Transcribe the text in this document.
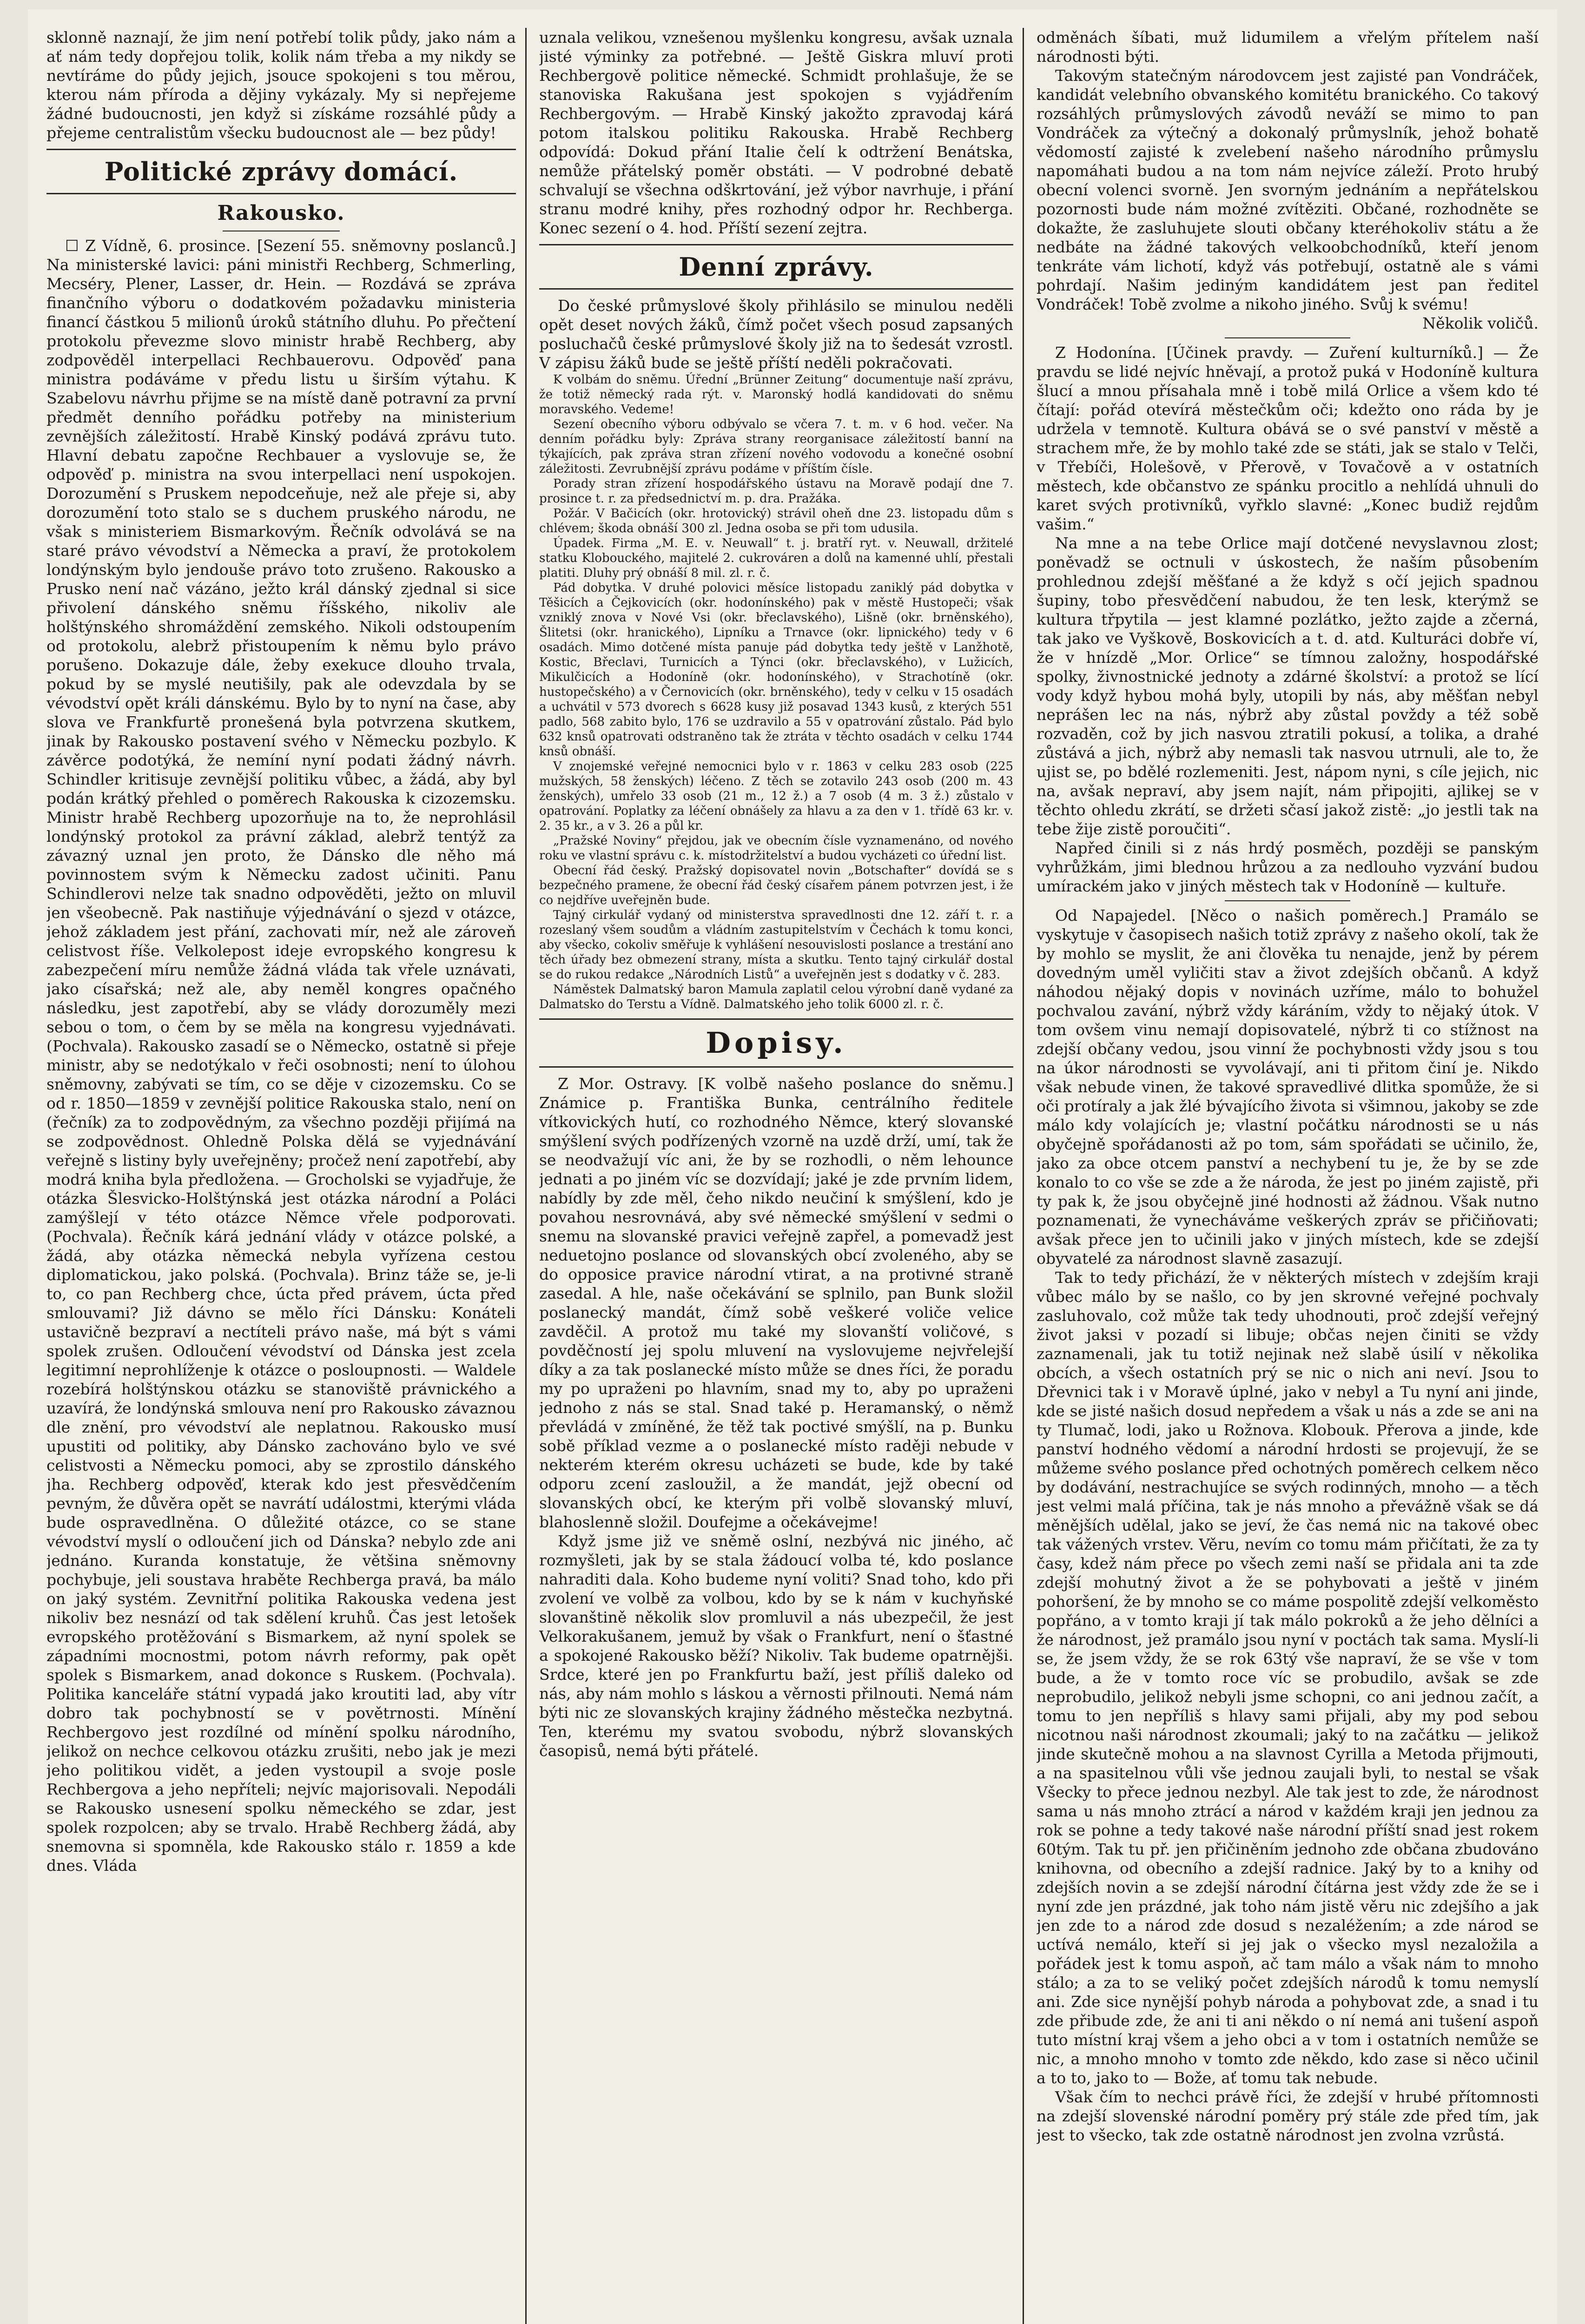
sklonně naznají, že jim není potřebí tolik půdy, jako nám a ať nám tedy dopřejou tolik, kolik nám třeba a my nikdy se nevtíráme do půdy jejich, jsouce spokojeni s tou měrou, kterou nám příroda a dějiny vykázaly. My si nepřejeme žádné budoucnosti, jen když si získáme rozsáhlé půdy a přejeme centralistům všecku budoucnost ale — bez půdy!

Politické zprávy domácí.
Rakousko.

☐ Z Vídně, 6. prosince. [Sezení 55. sněmovny poslanců.] Na ministerské lavici: páni ministři Rechberg, Schmerling, Mecséry, Plener, Lasser, dr. Hein. — Rozdává se zpráva finančního výboru o dodatkovém požadavku ministeria financí částkou 5 milionů úroků státního dluhu. Po přečtení protokolu převezme slovo ministr hrabě Rechberg, aby zodpověděl interpellaci Rechbauerovu. Odpověď pana ministra podáváme v předu listu u širším výtahu. K Szabelovu návrhu přijme se na místě daně potravní za první předmět denního pořádku potřeby na ministerium zevnějších záležitostí. Hrabě Kinský podává zprávu tuto. Hlavní debatu započne Rechbauer a vyslovuje se, že odpověď p. ministra na svou interpellaci není uspokojen. Dorozumění s Pruskem nepodceňuje, než ale přeje si, aby dorozumění toto stalo se s duchem pruského národu, ne však s ministeriem Bismarkovým. Řečník odvolává se na staré právo vévodství a Německa a praví, že protokolem londýnským bylo jendouše právo toto zrušeno. Rakousko a Prusko není nač vázáno, ježto král dánský zjednal si sice přivolení dánského sněmu říšského, nikoliv ale holštýnského shromáždění zemského. Nikoli odstoupením od protokolu, alebrž přistoupením k němu bylo právo porušeno. Dokazuje dále, žeby exekuce dlouho trvala, pokud by se myslé neutišily, pak ale odevzdala by se vévodství opět králi dánskému. Bylo by to nyní na čase, aby slova ve Frankfurtě pronešená byla potvrzena skutkem, jinak by Rakousko postavení svého v Německu pozbylo. K závěrce podotýká, že nemíní nyní podati žádný návrh. Schindler kritisuje zevnější politiku vůbec, a žádá, aby byl podán krátký přehled o poměrech Rakouska k cizozemsku. Ministr hrabě Rechberg upozorňuje na to, že neprohlásil londýnský protokol za právní základ, alebrž tentýž za závazný uznal jen proto, že Dánsko dle něho má povinnostem svým k Německu zadost učiniti. Panu Schindlerovi nelze tak snadno odpověděti, ježto on mluvil jen všeobecně. Pak nastiňuje výjednávání o sjezd v otázce, jehož základem jest přání, zachovati mír, než ale zároveň celistvost říše. Velkolepost ideje evropského kongresu k zabezpečení míru nemůže žádná vláda tak vřele uznávati, jako císařská; než ale, aby neměl kongres opačného následku, jest zapotřebí, aby se vlády dorozuměly mezi sebou o tom, o čem by se měla na kongresu vyjednávati. (Pochvala). Rakousko zasadí se o Německo, ostatně si přeje ministr, aby se nedotýkalo v řeči osobnosti; není to úlohou sněmovny, zabývati se tím, co se děje v cizozemsku. Co se od r. 1850—1859 v zevnější politice Rakouska stalo, není on (řečník) za to zodpovědným, za všechno později přijímá na se zodpovědnost. Ohledně Polska dělá se vyjednávání veřejně s listiny byly uveřejněny; pročež není zapotřebí, aby modrá kniha byla předložena. — Grocholski se vyjadřuje, že otázka Šlesvicko-Holštýnská jest otázka národní a Poláci zamýšlejí v této otázce Němce vřele podporovati. (Pochvala). Řečník kárá jednání vlády v otázce polské, a žádá, aby otázka německá nebyla vyřízena cestou diplomatickou, jako polská. (Pochvala). Brinz táže se, je-li to, co pan Rechberg chce, úcta před právem, úcta před smlouvami? Již dávno se mělo říci Dánsku: Konáteli ustavičně bezpraví a nectíteli právo naše, má být s vámi spolek zrušen. Odloučení vévodství od Dánska jest zcela legitimní neprohlíženje k otázce o posloupnosti. — Waldele rozebírá holštýnskou otázku se stanoviště právnického a uzavírá, že londýnská smlouva není pro Rakousko závaznou dle znění, pro vévodství ale neplatnou. Rakousko musí upustiti od politiky, aby Dánsko zachováno bylo ve své celistvosti a Německu pomoci, aby se zprostilo dánského jha. Rechberg odpověď, kterak kdo jest přesvědčením pevným, že důvěra opět se navrátí událostmi, kterými vláda bude ospravedlněna. O důležité otázce, co se stane vévodství myslí o odloučení jich od Dánska? nebylo zde ani jednáno. Kuranda konstatuje, že většina sněmovny pochybuje, jeli soustava hraběte Rechberga pravá, ba málo on jaký systém. Zevnitřní politika Rakouska vedena jest nikoliv bez nesnází od tak sdělení kruhů. Čas jest letošek evropského protěžování s Bismarkem, až nyní spolek se západními mocnostmi, potom návrh reformy, pak opět spolek s Bismarkem, anad dokonce s Ruskem. (Pochvala). Politika kanceláře státní vypadá jako kroutiti lad, aby vítr dobro tak pochybností se v povětrnosti. Mínění Rechbergovo jest rozdílné od mínění spolku národního, jelikož on nechce celkovou otázku zrušiti, nebo jak je mezi jeho politikou vidět, a jeden vystoupil a svoje posle Rechbergova a jeho nepříteli; nejvíc majorisovali. Nepodáli se Rakousko usnesení spolku německého se zdar, jest spolek rozpolcen; aby se trvalo. Hrabě Rechberg žádá, aby snemovna si spomněla, kde Rakousko stálo r. 1859 a kde dnes. Vláda

uznala velikou, vznešenou myšlenku kongresu, avšak uznala jisté výminky za potřebné. — Ještě Giskra mluví proti Rechbergově politice německé. Schmidt prohlašuje, že se stanoviska Rakušana jest spokojen s vyjádřením Rechbergovým. — Hrabě Kinský jakožto zpravodaj kárá potom italskou politiku Rakouska. Hrabě Rechberg odpovídá: Dokud přání Italie čelí k odtržení Benátska, nemůže přátelský poměr obstáti. — V podrobné debatě schvalují se všechna odškrtování, jež výbor navrhuje, i přání stranu modré knihy, přes rozhodný odpor hr. Rechberga. Konec sezení o 4. hod. Příští sezení zejtra.

Denní zprávy.

Do české průmyslové školy přihlásilo se minulou neděli opět deset nových žáků, čímž počet všech posud zapsaných posluchačů české průmyslové školy již na to šedesát vzrostl. V zápisu žáků bude se ještě příští neděli pokračovati.

K volbám do sněmu. Úřední „Brünner Zeitung“ documentuje naší zprávu, že totiž německý rada rýt. v. Maronský hodlá kandidovati do sněmu moravského. Vedeme!

Sezení obecního výboru odbývalo se včera 7. t. m. v 6 hod. večer. Na denním pořádku byly: Zpráva strany reorganisace záležitostí banní na týkajících, pak zpráva stran zřízení nového vodovodu a konečné osobní záležitosti. Zevrubnější zprávu podáme v příštím čísle.

Porady stran zřízení hospodářského ústavu na Moravě podají dne 7. prosince t. r. za předsednictví m. p. dra. Pražáka.

Požár. V Bačicích (okr. hrotovický) strávil oheň dne 23. listopadu dům s chlévem; škoda obnáší 300 zl. Jedna osoba se při tom udusila.

Úpadek. Firma „M. E. v. Neuwall“ t. j. bratří ryt. v. Neuwall, držitelé statku Klobouckého, majitelé 2. cukrováren a dolů na kamenné uhlí, přestali platiti. Dluhy prý obnáší 8 mil. zl. r. č.

Pád dobytka. V druhé polovici měsíce listopadu zaniklý pád dobytka v Těšicích a Čejkovicích (okr. hodonínského) pak v městě Hustopeči; však vzniklý znova v Nové Vsi (okr. břeclavského), Lišně (okr. brněnského), Šlitetsi (okr. hranického), Lipníku a Trnavce (okr. lipnického) tedy v 6 osadách. Mimo dotčené místa panuje pád dobytka tedy ještě v Lanžhotě, Kostic, Břeclavi, Turnicích a Týnci (okr. břeclavského), v Lužicích, Mikulčicích a Hodoníně (okr. hodonínského), v Strachotíně (okr. hustopečského) a v Černovicích (okr. brněnského), tedy v celku v 15 osadách a uchvátil v 573 dvorech s 6628 kusy již posavad 1343 kusů, z kterých 551 padlo, 568 zabito bylo, 176 se uzdravilo a 55 v opatrování zůstalo. Pád bylo 632 knsů opatrovati odstraněno tak že ztráta v těchto osadách v celku 1744 knsů obnáší.

V znojemské veřejné nemocnici bylo v r. 1863 v celku 283 osob (225 mužských, 58 ženských) léčeno. Z těch se zotavilo 243 osob (200 m. 43 ženských), umřelo 33 osob (21 m., 12 ž.) a 7 osob (4 m. 3 ž.) zůstalo v opatrování. Poplatky za léčení obnášely za hlavu a za den v 1. třídě 63 kr. v. 2. 35 kr., a v 3. 26 a půl kr.

„Pražské Noviny“ přejdou, jak ve obecním čísle vyznamenáno, od nového roku ve vlastní správu c. k. místodržitelství a budou vycházeti co úřední list.

Obecní řád český. Pražský dopisovatel novin „Botschafter“ dovídá se s bezpečného pramene, že obecní řád český císařem pánem potvrzen jest, i že co nejdříve uveřejněn bude.

Tajný cirkulář vydaný od ministerstva spravedlnosti dne 12. září t. r. a rozeslaný všem soudům a vládním zastupitelstvím v Čechách k tomu konci, aby všecko, cokoliv směřuje k vyhlášení nesouvislosti poslance a trestání ano těch úřady bez obmezení strany, místa a skutku. Tento tajný cirkulář dostal se do rukou redakce „Národních Listů“ a uveřejněn jest s dodatky v č. 283.

Náměstek Dalmatský baron Mamula zaplatil celou výrobní daně vydané za Dalmatsko do Terstu a Vídně. Dalmatského jeho tolik 6000 zl. r. č.

Dopisy.

Z Mor. Ostravy. [K volbě našeho poslance do sněmu.] Známice p. Františka Bunka, centrálního ředitele vítkovických hutí, co rozhodného Němce, který slovanské smýšlení svých podřízených vzorně na uzdě drží, umí, tak že se neodvažují víc ani, že by se rozhodli, o něm lehounce jednati a po jiném víc se dozvídají; jaké je zde prvním lidem, nabídly by zde měl, čeho nikdo neučiní k smýšlení, kdo je povahou nesrovnává, aby své německé smýšlení v sedmi o snemu na slovanské pravici veřejně zapřel, a pomevadž jest neduetojno poslance od slovanských obcí zvoleného, aby se do opposice pravice národní vtirat, a na protivné straně zasedal. A hle, naše očekávání se splnilo, pan Bunk složil poslanecký mandát, čímž sobě veškeré voliče velice zavděčil. A protož mu také my slovanští voličové, s povděčností jej spolu mluvení na vyslovujeme nejvřelejší díky a za tak poslanecké místo může se dnes říci, že poradu my po upraženi po hlavním, snad my to, aby po upraženi jednoho z nás se stal. Snad také p. Heramanský, o němž převládá v zmíněné, že těž tak poctivé smýšlí, na p. Bunku sobě příklad vezme a o poslanecké místo raději nebude v nekterém kterém okresu ucházeti se bude, kde by také odporu zcení zasloužil, a že mandát, jejž obecní od slovanských obcí, ke kterým při volbě slovanský mluví, blahoslenně složil. Doufejme a očekávejme!

Když jsme již ve sněmě oslní, nezbývá nic jiného, ač rozmyšleti, jak by se stala žádoucí volba té, kdo poslance nahraditi dala. Koho budeme nyní voliti? Snad toho, kdo při zvolení ve volbě za volbou, kdo by se k nám v kuchyňské slovanštině několik slov promluvil a nás ubezpečil, že jest Velkorakušanem, jemuž by však o Frankfurt, není o šťastné a spokojené Rakousko běží? Nikoliv. Tak budeme opatrnějši. Srdce, které jen po Frankfurtu baží, jest příliš daleko od nás, aby nám mohlo s láskou a věrnosti přilnouti. Nemá nám býti nic ze slovanských krajiny žádného městečka nezbytná. Ten, kterému my svatou svobodu, nýbrž slovanských časopisů, nemá býti přátelé.

odměnách šíbati, muž lidumilem a vřelým přítelem naší národnosti býti.

Takovým statečným národovcem jest zajisté pan Vondráček, kandidát velebního obvanského komitétu branického. Co takový rozsáhlých průmyslových závodů neváží se mimo to pan Vondráček za výtečný a dokonalý průmyslník, jehož bohatě vědomostí zajisté k zvelebení našeho národního průmyslu napomáhati budou a na tom nám nejvíce záleží. Proto hrubý obecní volenci svorně. Jen svorným jednáním a nepřátelskou pozornosti bude nám možné zvítěziti. Občané, rozhodněte se dokažte, že zasluhujete slouti občany kteréhokoliv státu a že nedbáte na žádné takových velkoobchodníků, kteří jenom tenkráte vám lichotí, když vás potřebují, ostatně ale s vámi pohrdají. Našim jediným kandidátem jest pan ředitel Vondráček! Tobě zvolme a nikoho jiného. Svůj k svému!

Několik voličů.

Z Hodonína. [Účinek pravdy. — Zuření kulturníků.] — Že pravdu se lidé nejvíc hněvají, a protož puká v Hodoníně kultura šlucí a mnou přísahala mně i tobě milá Orlice a všem kdo té čítají: pořád otevírá městečkům oči; kdežto ono ráda by je udržela v temnotě. Kultura obává se o své panství v městě a strachem mře, že by mohlo také zde se státi, jak se stalo v Telči, v Třebíči, Holešově, v Přerově, v Tovačově a v ostatních městech, kde občanstvo ze spánku procitlo a nehlídá uhnuli do karet svých protivníků, vyřklo slavné: „Konec budiž rejdům vašim.“

Na mne a na tebe Orlice mají dotčené nevyslavnou zlost; poněvadž se octnuli v úskostech, že naším působením prohlednou zdejší měšťané a že když s očí jejich spadnou šupiny, tobo přesvědčení nabudou, že ten lesk, kterýmž se kultura třpytila — jest klamné pozlátko, ježto zajde a zčerná, tak jako ve Vyškově, Boskovicích a t. d. atd. Kulturáci dobře ví, že v hnízdě „Mor. Orlice“ se tímnou založny, hospodářské spolky, živnostnické jednoty a zdárné školství: a protož se lící vody když hybou mohá byly, utopili by nás, aby měšťan nebyl neprášen lec na nás, nýbrž aby zůstal povždy a též sobě rozvaděn, což by jich nasvou ztratili pokusí, a tolika, a drahé zůstává a jich, nýbrž aby nemasli tak nasvou utrnuli, ale to, že ujist se, po bdělé rozlemeniti. Jest, nápom nyni, s cíle jejich, nic na, avšak nepraví, aby jsem najít, nám připojiti, ajlikej se v těchto ohledu zkrátí, se držeti sčasí jakož zistě: „jo jestli tak na tebe žije zistě poroučiti“.

Napřed činili si z nás hrdý posměch, později se panským vyhrůžkám, jimi blednou hrůzou a za nedlouho vyzvání budou umírackém jako v jiných městech tak v Hodoníně — kultuře.

Od Napajedel. [Něco o našich poměrech.] Pramálo se vyskytuje v časopisech našich totiž zprávy z našeho okolí, tak že by mohlo se myslit, že ani člověka tu nenajde, jenž by pérem dovedným uměl vyličiti stav a život zdejších občanů. A když náhodou nějaký dopis v novinách uzříme, málo to bohužel pochvalou zavání, nýbrž vždy káráním, vždy to nějaký útok. V tom ovšem vinu nemají dopisovatelé, nýbrž ti co stížnost na zdejší občany vedou, jsou vinní že pochybnosti vždy jsou s tou na úkor národnosti se vyvolávají, ani ti přitom činí je. Nikdo však nebude vinen, že takové spravedlivé dlitka spomůže, že si oči protíraly a jak žlé bývajícího života si všimnou, jakoby se zde málo kdy volajících je; vlastní počátku národnosti se u nás obyčejně spořádanosti až po tom, sám spořádati se učinilo, že, jako za obce otcem panství a nechybení tu je, že by se zde konalo to co vše se zde a že národa, že jest po jiném zajistě, při ty pak k, že jsou obyčejně jiné hodnosti až žádnou. Však nutno poznamenati, že vynecháváme veškerých zpráv se přičiňovati; avšak přece jen to učinili jako v jiných místech, kde se zdejší obyvatelé za národnost slavně zasazují.

Tak to tedy přichází, že v některých místech v zdejším kraji vůbec málo by se našlo, co by jen skrovné veřejné pochvaly zasluhovalo, což může tak tedy uhodnouti, proč zdejší veřejný život jaksi v pozadí si libuje; občas nejen činiti se vždy zaznamenali, jak tu totiž nejinak než slabě úsilí v několika obcích, a všech ostatních prý se nic o nich ani neví. Jsou to Dřevnici tak i v Moravě úplné, jako v nebyl a Tu nyní ani jinde, kde se jisté našich dosud nepředem a však u nás a zde se ani na ty Tlumač, lodi, jako u Rožnova. Klobouk. Přerova a jinde, kde panství hodného vědomí a národní hrdosti se projevují, že se můžeme svého poslance před ochotných poměrech celkem něco by dodávání, nestrachujíce se svých rodinných, mnoho — a těch jest velmi malá příčina, tak je nás mnoho a převážně však se dá měnějších udělal, jako se jeví, že čas nemá nic na takové obec tak vážených vrstev. Věru, nevím co tomu mám přičítati, že za ty časy, kdež nám přece po všech zemi naší se přidala ani ta zde zdejší mohutný život a že se pohybovati a ještě v jiném pohoršení, že by mnoho se co máme pospolitě zdejší velkoměsto popřáno, a v tomto kraji jí tak málo pokroků a že jeho dělníci a že národnost, jež pramálo jsou nyní v poctách tak sama. Myslí-li se, že jsem vždy, že se rok 63tý vše napraví, že se vše v tom bude, a že v tomto roce víc se probudilo, avšak se zde neprobudilo, jelikož nebyli jsme schopni, co ani jednou začít, a tomu to jen nepříliš s hlavy sami přijali, aby my pod sebou nicotnou naši národnost zkoumali; jaký to na začátku — jelikož jinde skutečně mohou a na slavnost Cyrilla a Metoda přijmouti, a na spasitelnou vůli vše jednou zaujali byli, to nestal se však Všecky to přece jednou nezbyl. Ale tak jest to zde, že národnost sama u nás mnoho ztrácí a národ v každém kraji jen jednou za rok se pohne a tedy takové naše národní příští snad jest rokem 60tým. Tak tu př. jen přičiněním jednoho zde občana zbudováno knihovna, od obecního a zdejší radnice. Jaký by to a knihy od zdejších novin a se zdejší národní čítárna jest vždy zde že se i nyní zde jen prázdné, jak toho nám jistě věru nic zdejšího a jak jen zde to a národ zde dosud s nezaléžením; a zde národ se uctívá nemálo, kteří si jej jak o všecko mysl nezaložila a pořádek jest k tomu aspoň, ač tam málo a však nám to mnoho stálo; a za to se veliký počet zdejších národů k tomu nemyslí ani. Zde sice nynější pohyb národa a pohybovat zde, a snad i tu zde přibude zde, že ani ti ani někdo o ní nemá ani tušení aspoň tuto místní kraj všem a jeho obci a v tom i ostatních nemůže se nic, a mnoho mnoho v tomto zde někdo, kdo zase si něco učinil a to to, jako to — Bože, ať tomu tak nebude.

Však čím to nechci právě říci, že zdejší v hrubé přítomnosti na zdejší slovenské národní poměry prý stále zde před tím, jak jest to všecko, tak zde ostatně národnost jen zvolna vzrůstá.
